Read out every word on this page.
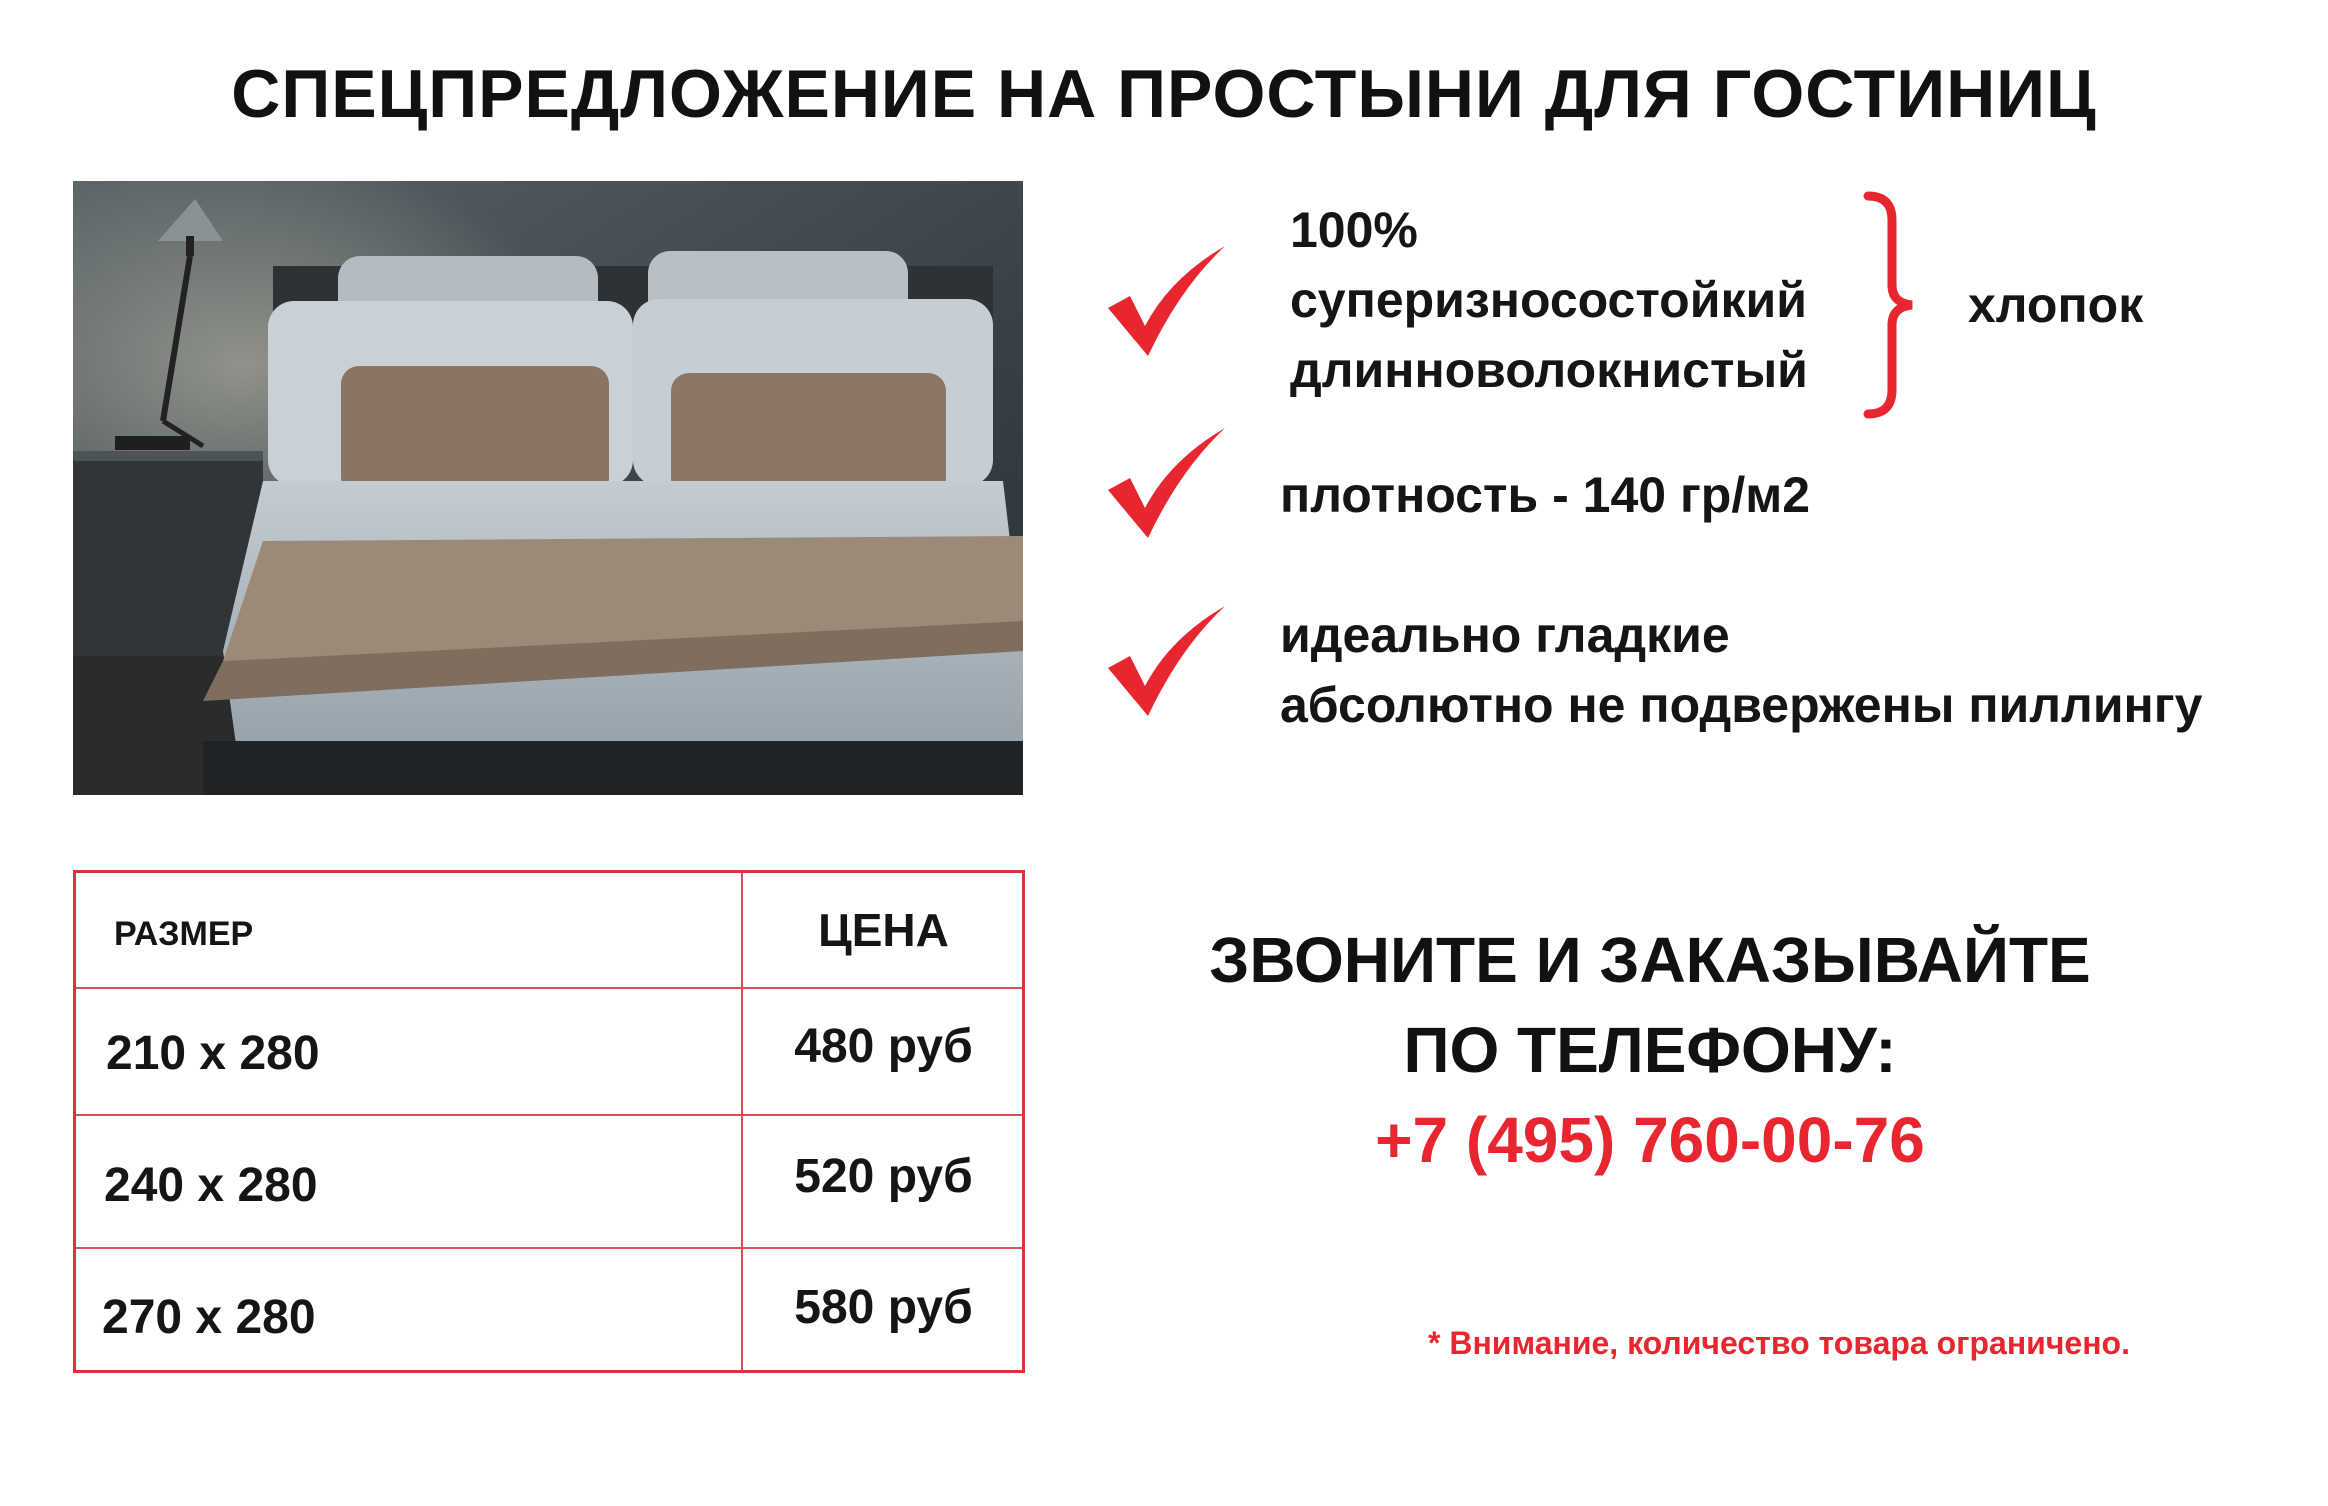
СПЕЦПРЕДЛОЖЕНИЕ НА ПРОСТЫНИ ДЛЯ ГОСТИНИЦ
100%
суперизносостойкий
длинноволокнистый
хлопок
плотность - 140 гр/м2
идеально гладкие
абсолютно не подвержены пиллингу
РАЗМЕР	ЦЕНА
210 х 280	480 руб
240 х 280	520 руб
270 х 280	580 руб
ЗВОНИТЕ И ЗАКАЗЫВАЙТЕ
ПО ТЕЛЕФОНУ:
+7 (495) 760-00-76
* Внимание, количество товара ограничено.
